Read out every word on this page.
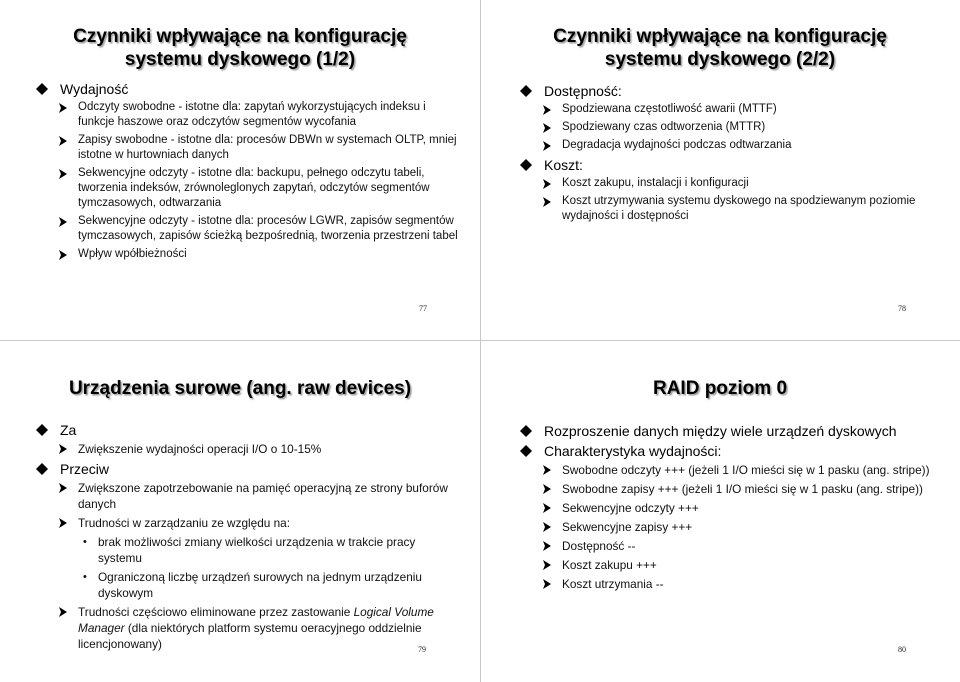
Czynniki wpływające na konfigurację
systemu dyskowego (1/2)
Wydajność
Odczyty swobodne - istotne dla: zapytań wykorzystujących indeksu i funkcje haszowe oraz odczytów segmentów wycofania
Zapisy swobodne - istotne dla: procesów DBWn w systemach OLTP, mniej istotne w hurtowniach danych
Sekwencyjne odczyty - istotne dla: backupu, pełnego odczytu tabeli, tworzenia indeksów, zrównoleglonych zapytań, odczytów segmentów tymczasowych, odtwarzania
Sekwencyjne odczyty - istotne dla: procesów LGWR, zapisów segmentów tymczasowych, zapisów ścieżką bezpośrednią, tworzenia przestrzeni tabel
Wpływ wpółbieżności
77
Czynniki wpływające na konfigurację
systemu dyskowego (2/2)
Dostępność:
Spodziewana częstotliwość awarii (MTTF)
Spodziewany czas odtworzenia (MTTR)
Degradacja wydajności podczas odtwarzania
Koszt:
Koszt zakupu, instalacji i konfiguracji
Koszt utrzymywania systemu dyskowego na spodziewanym poziomie wydajności i dostępności
78
Urządzenia surowe (ang. raw devices)
Za
Zwiększenie wydajności operacji I/O o 10-15%
Przeciw
Zwiększone zapotrzebowanie na pamięć operacyjną ze strony buforów danych
Trudności w zarządzaniu ze względu na:
• brak możliwości zmiany wielkości urządzenia w trakcie pracy systemu
• Ograniczoną liczbę urządzeń surowych na jednym urządzeniu dyskowym
Trudności częściowo eliminowane przez zastowanie Logical Volume Manager (dla niektórych platform systemu oeracyjnego oddzielnie licencjonowany)	79
RAID poziom 0
Rozproszenie danych między wiele urządzeń dyskowych
Charakterystyka wydajności:
Swobodne odczyty +++ (jeżeli 1 I/O mieści się w 1 pasku (ang. stripe))
Swobodne zapisy +++ (jeżeli 1 I/O mieści się w 1 pasku (ang. stripe))
Sekwencyjne odczyty +++
Sekwencyjne zapisy +++
Dostępność --
Koszt zakupu +++
Koszt utrzymania --
80
